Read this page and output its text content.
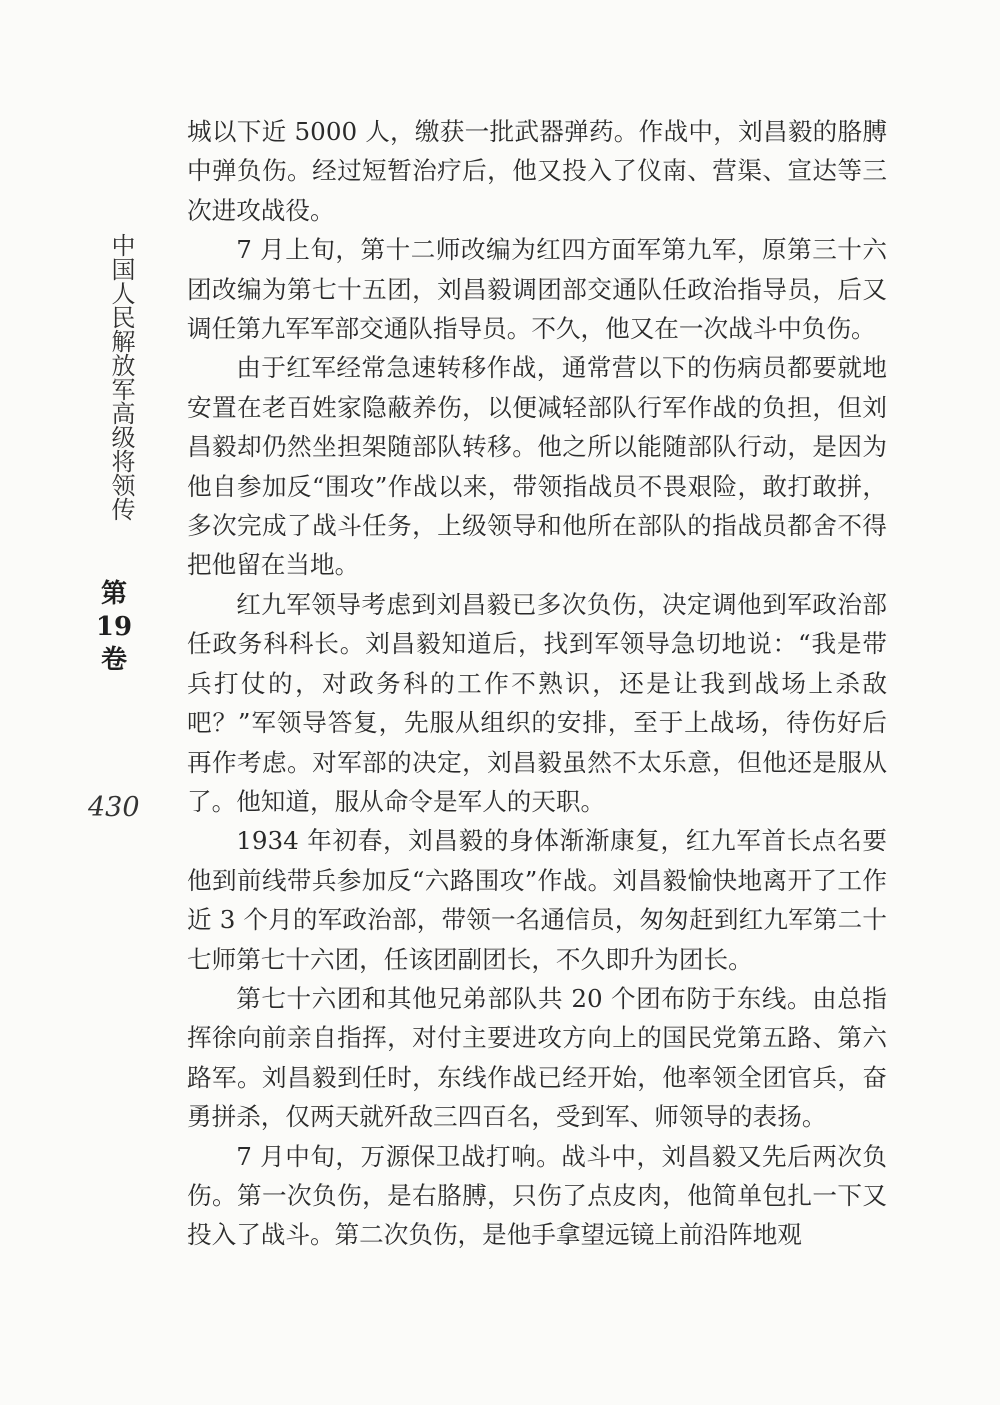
中国人民解放军高级将领传
第
19
卷
430

城以下近 5000 人，缴获一批武器弹药。作战中，刘昌毅的胳膊中弹负伤。经过短暂治疗后，他又投入了仪南、营渠、宣达等三次进攻战役。

7 月上旬，第十二师改编为红四方面军第九军，原第三十六团改编为第七十五团，刘昌毅调团部交通队任政治指导员，后又调任第九军军部交通队指导员。不久，他又在一次战斗中负伤。

由于红军经常急速转移作战，通常营以下的伤病员都要就地安置在老百姓家隐蔽养伤，以便减轻部队行军作战的负担，但刘昌毅却仍然坐担架随部队转移。他之所以能随部队行动，是因为他自参加反“围攻”作战以来，带领指战员不畏艰险，敢打敢拼，多次完成了战斗任务，上级领导和他所在部队的指战员都舍不得把他留在当地。

红九军领导考虑到刘昌毅已多次负伤，决定调他到军政治部任政务科科长。刘昌毅知道后，找到军领导急切地说：“我是带兵打仗的，对政务科的工作不熟识，还是让我到战场上杀敌吧？”军领导答复，先服从组织的安排，至于上战场，待伤好后再作考虑。对军部的决定，刘昌毅虽然不太乐意，但他还是服从了。他知道，服从命令是军人的天职。

1934 年初春，刘昌毅的身体渐渐康复，红九军首长点名要他到前线带兵参加反“六路围攻”作战。刘昌毅愉快地离开了工作近 3 个月的军政治部，带领一名通信员，匆匆赶到红九军第二十七师第七十六团，任该团副团长，不久即升为团长。

第七十六团和其他兄弟部队共 20 个团布防于东线。由总指挥徐向前亲自指挥，对付主要进攻方向上的国民党第五路、第六路军。刘昌毅到任时，东线作战已经开始，他率领全团官兵，奋勇拼杀，仅两天就歼敌三四百名，受到军、师领导的表扬。

7 月中旬，万源保卫战打响。战斗中，刘昌毅又先后两次负伤。第一次负伤，是右胳膊，只伤了点皮肉，他简单包扎一下又投入了战斗。第二次负伤，是他手拿望远镜上前沿阵地观
